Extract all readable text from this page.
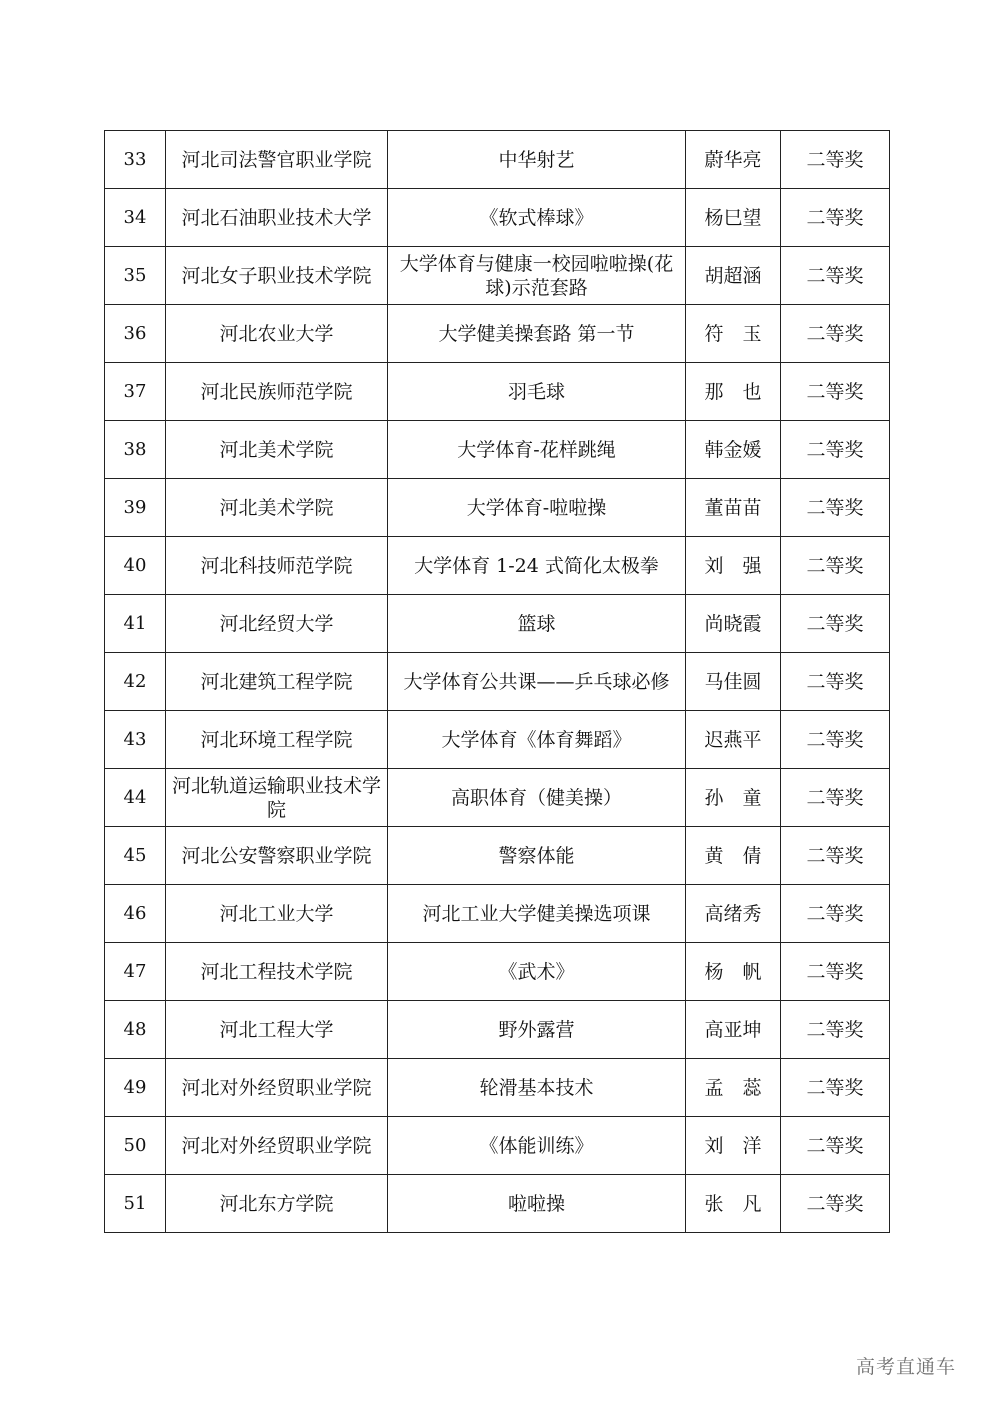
33	河北司法警官职业学院	中华射艺	蔚华亮	二等奖
34	河北石油职业技术大学	《软式棒球》	杨巳望	二等奖
35	河北女子职业技术学院	大学体育与健康一校园啦啦操(花球)示范套路	胡超涵	二等奖
36	河北农业大学	大学健美操套路 第一节	符　玉	二等奖
37	河北民族师范学院	羽毛球	那　也	二等奖
38	河北美术学院	大学体育-花样跳绳	韩金媛	二等奖
39	河北美术学院	大学体育-啦啦操	董苗苗	二等奖
40	河北科技师范学院	大学体育 1-24 式简化太极拳	刘　强	二等奖
41	河北经贸大学	篮球	尚晓霞	二等奖
42	河北建筑工程学院	大学体育公共课——乒乓球必修	马佳圆	二等奖
43	河北环境工程学院	大学体育《体育舞蹈》	迟燕平	二等奖
44	河北轨道运输职业技术学院	高职体育（健美操）	孙　童	二等奖
45	河北公安警察职业学院	警察体能	黄　倩	二等奖
46	河北工业大学	河北工业大学健美操选项课	高绪秀	二等奖
47	河北工程技术学院	《武术》	杨　帆	二等奖
48	河北工程大学	野外露营	高亚坤	二等奖
49	河北对外经贸职业学院	轮滑基本技术	孟　蕊	二等奖
50	河北对外经贸职业学院	《体能训练》	刘　洋	二等奖
51	河北东方学院	啦啦操	张　凡	二等奖
高考直通车
